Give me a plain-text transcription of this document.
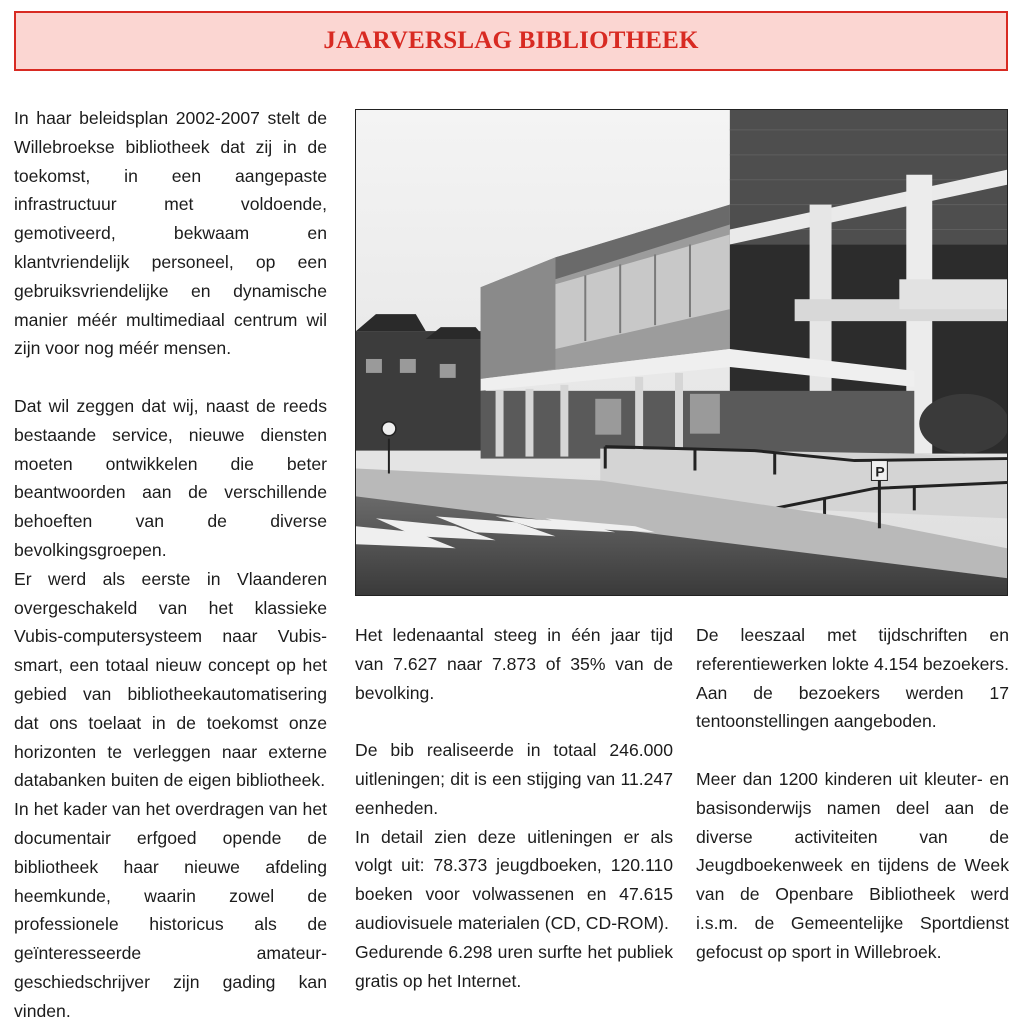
JAARVERSLAG BIBLIOTHEEK

In haar beleidsplan 2002-2007 stelt de Willebroekse bibliotheek dat zij in de toekomst, in een aangepaste infrastructuur met voldoende, gemotiveerd, bekwaam en klantvriendelijk personeel, op een gebruiksvriendelijke en dynamische manier méér multimediaal centrum wil zijn voor nog méér mensen.

Dat wil zeggen dat wij, naast de reeds bestaande service, nieuwe diensten moeten ontwikkelen die beter beantwoorden aan de verschillende behoeften van de diverse bevolkingsgroepen.

Er werd als eerste in Vlaanderen overgeschakeld van het klassieke Vubis-computersysteem naar Vubis-smart, een totaal nieuw concept op het gebied van bibliotheekautomatisering dat ons toelaat in de toekomst onze horizonten te verleggen naar externe databanken buiten de eigen bibliotheek.

In het kader van het overdragen van het documentair erfgoed opende de bibliotheek haar nieuwe afdeling heemkunde, waarin zowel de professionele historicus als de geïnteresseerde amateur-geschiedschrijver zijn gading kan vinden.

P

Het ledenaantal steeg in één jaar tijd van 7.627 naar 7.873 of 35% van de bevolking.

De bib realiseerde in totaal 246.000 uitleningen; dit is een stijging van 11.247 eenheden.

In detail zien deze uitleningen er als volgt uit: 78.373 jeugdboeken, 120.110 boeken voor volwassenen en 47.615 audiovisuele materialen (CD, CD-ROM).

Gedurende 6.298 uren surfte het publiek gratis op het Internet.

De leeszaal met tijdschriften en referentiewerken lokte 4.154 bezoekers.

Aan de bezoekers werden 17 tentoonstellingen aangeboden.

Meer dan 1200 kinderen uit kleuter- en basisonderwijs namen deel aan de diverse activiteiten van de Jeugdboekenweek en tijdens de Week van de Openbare Bibliotheek werd i.s.m. de Gemeentelijke Sportdienst gefocust op sport in Willebroek.
